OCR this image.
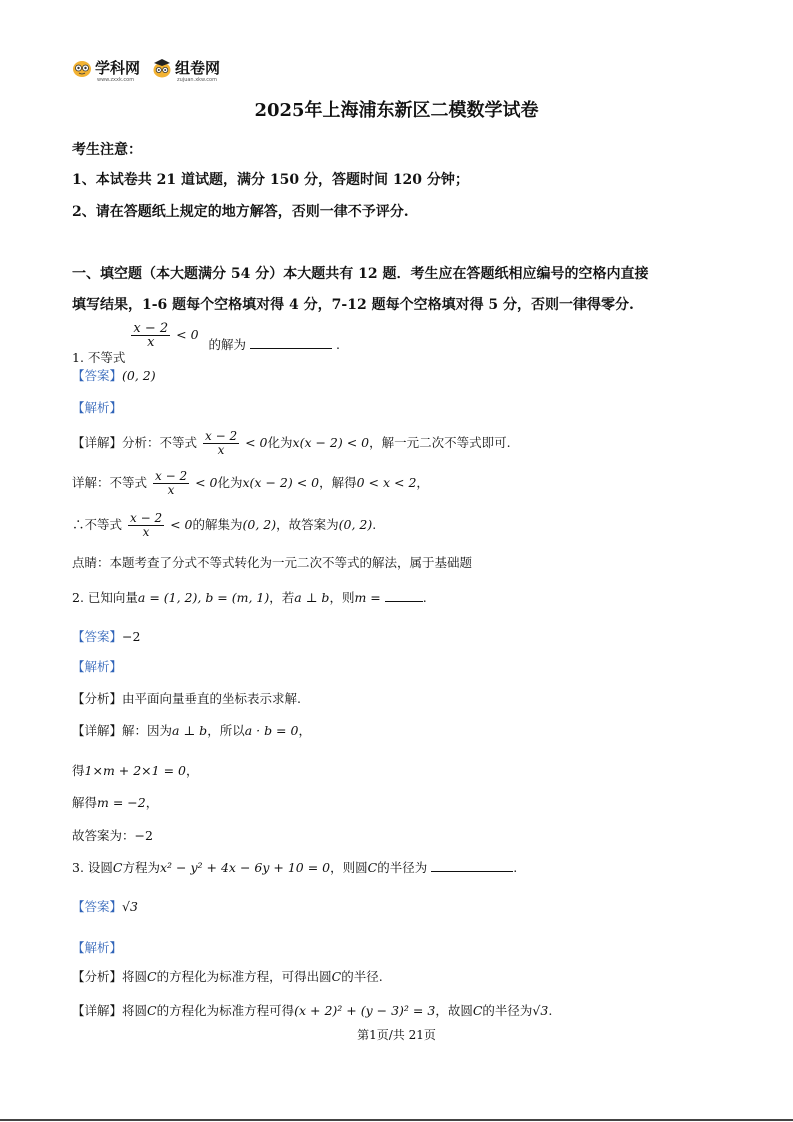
学科网
www.zxxk.com
组卷网
zujuan.xkw.com
2025年上海浦东新区二模数学试卷
考生注意：
1、本试卷共 21 道试题，满分 150 分，答题时间 120 分钟；
2、请在答题纸上规定的地方解答，否则一律不予评分.
一、填空题（本大题满分 54 分）本大题共有 12 题．考生应在答题纸相应编号的空格内直接
填写结果，1-6 题每个空格填对得 4 分，7-12 题每个空格填对得 5 分，否则一律得零分.
1. 不等式
$\frac{x - 2}{x} < 0$ 的解为	.
【答案】(0, 2)
【解析】
【详解】分析：不等式 $\frac{x - 2}{x} < 0$化为x(x − 2) < 0，解一元二次不等式即可.
详解：不等式 $\frac{x - 2}{x} < 0$化为x(x − 2) < 0，解得0 < x < 2，
∴不等式 $\frac{x - 2}{x} < 0$的解集为(0, 2)，故答案为(0, 2).
点睛：本题考查了分式不等式转化为一元二次不等式的解法，属于基础题
2. 已知向量a = (1, 2), b = (m, 1)，若a ⊥ b，则m =	.
【答案】−2
【解析】
【分析】由平面向量垂直的坐标表示求解.
【详解】解：因为a ⊥ b，所以a · b = 0，
得1×m + 2×1 = 0，
解得m = −2，
故答案为：−2
3. 设圆C方程为x² − y² + 4x − 6y + 10 = 0，则圆C的半径为	.
【答案】√3
【解析】
【分析】将圆C的方程化为标准方程，可得出圆C的半径.
【详解】将圆C的方程化为标准方程可得(x + 2)² + (y − 3)² = 3，故圆C的半径为√3.
第1页/共 21页
